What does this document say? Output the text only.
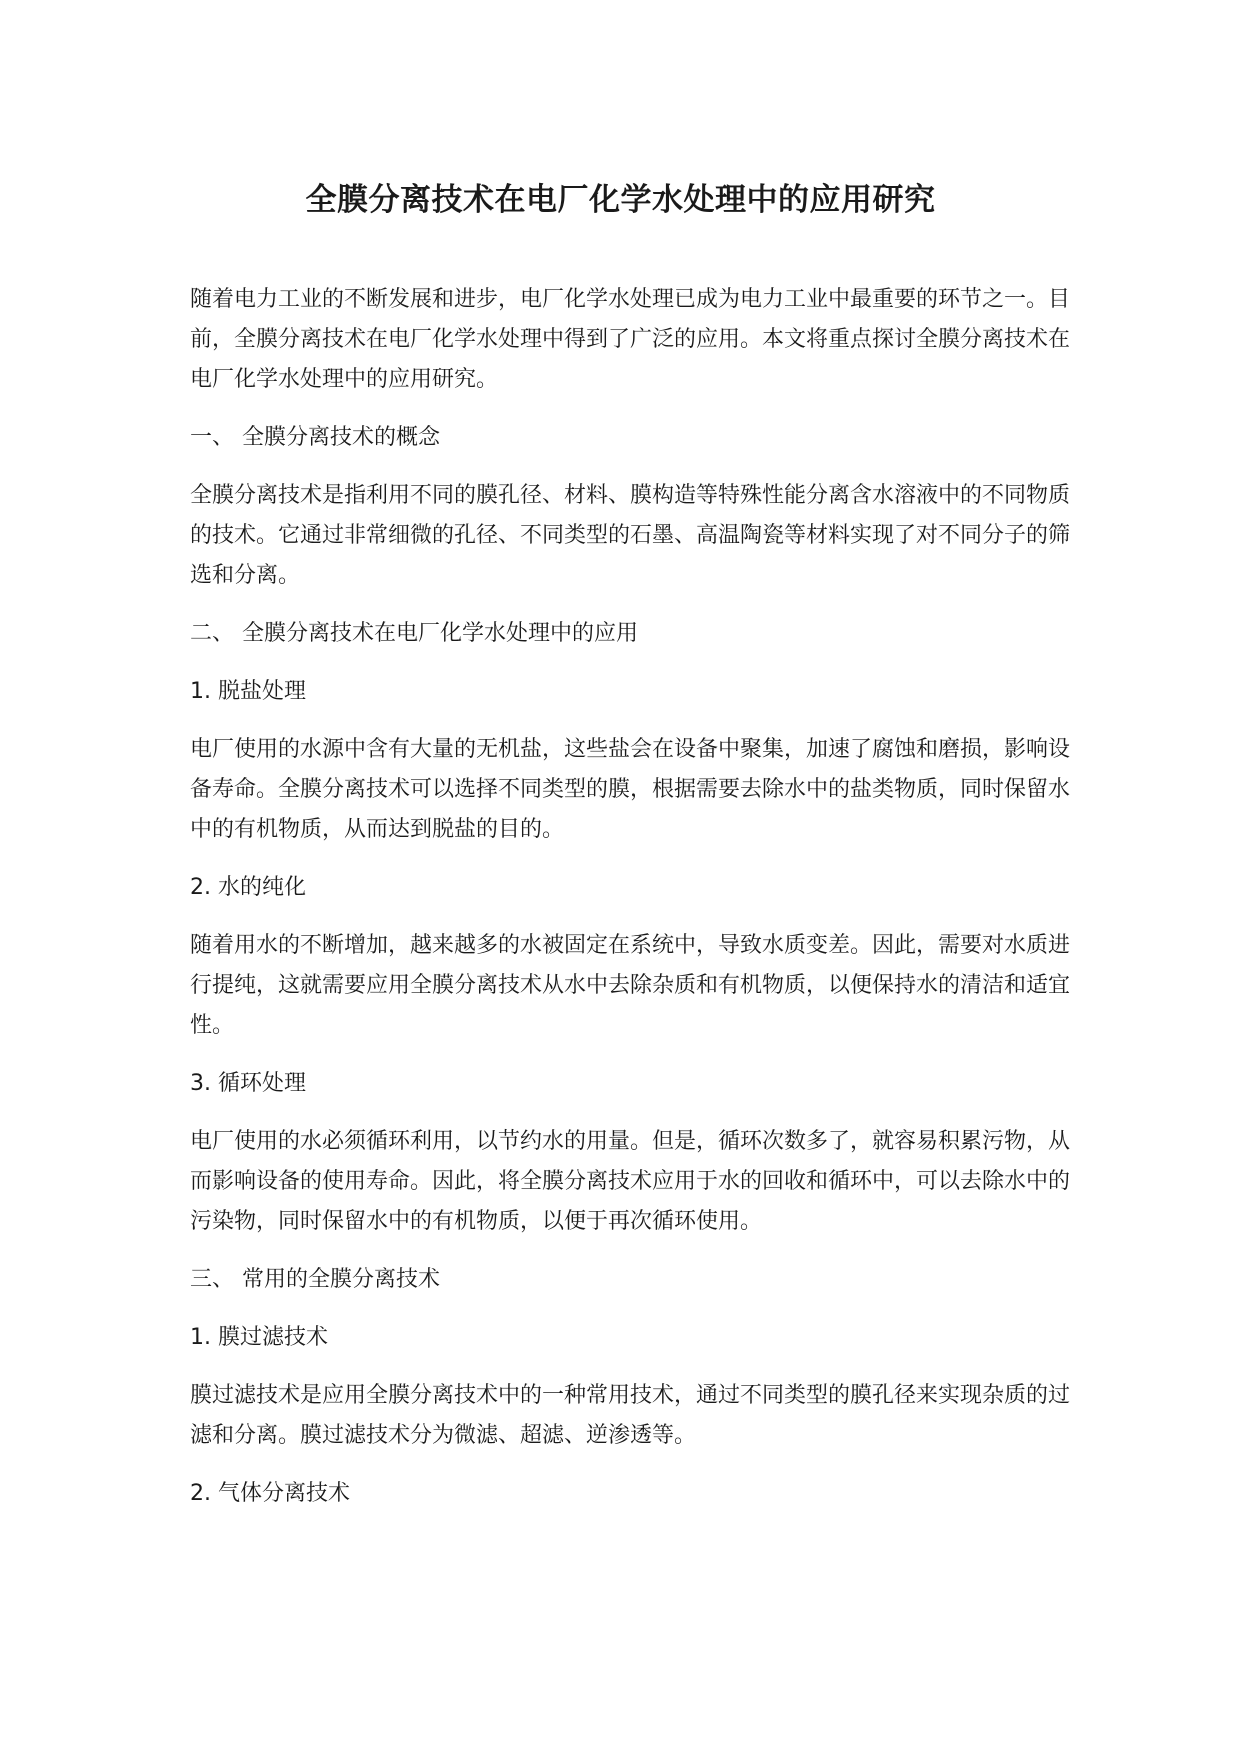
全膜分离技术在电厂化学水处理中的应用研究

随着电力工业的不断发展和进步，电厂化学水处理已成为电力工业中最重要的环节之一。目前，全膜分离技术在电厂化学水处理中得到了广泛的应用。本文将重点探讨全膜分离技术在电厂化学水处理中的应用研究。

一、 全膜分离技术的概念

全膜分离技术是指利用不同的膜孔径、材料、膜构造等特殊性能分离含水溶液中的不同物质的技术。它通过非常细微的孔径、不同类型的石墨、高温陶瓷等材料实现了对不同分子的筛选和分离。

二、 全膜分离技术在电厂化学水处理中的应用
1. 脱盐处理

电厂使用的水源中含有大量的无机盐，这些盐会在设备中聚集，加速了腐蚀和磨损，影响设备寿命。全膜分离技术可以选择不同类型的膜，根据需要去除水中的盐类物质，同时保留水中的有机物质，从而达到脱盐的目的。

2. 水的纯化

随着用水的不断增加，越来越多的水被固定在系统中，导致水质变差。因此，需要对水质进行提纯，这就需要应用全膜分离技术从水中去除杂质和有机物质，以便保持水的清洁和适宜性。

3. 循环处理

电厂使用的水必须循环利用，以节约水的用量。但是，循环次数多了，就容易积累污物，从而影响设备的使用寿命。因此，将全膜分离技术应用于水的回收和循环中，可以去除水中的污染物，同时保留水中的有机物质，以便于再次循环使用。

三、 常用的全膜分离技术
1. 膜过滤技术

膜过滤技术是应用全膜分离技术中的一种常用技术，通过不同类型的膜孔径来实现杂质的过滤和分离。膜过滤技术分为微滤、超滤、逆渗透等。

2. 气体分离技术
